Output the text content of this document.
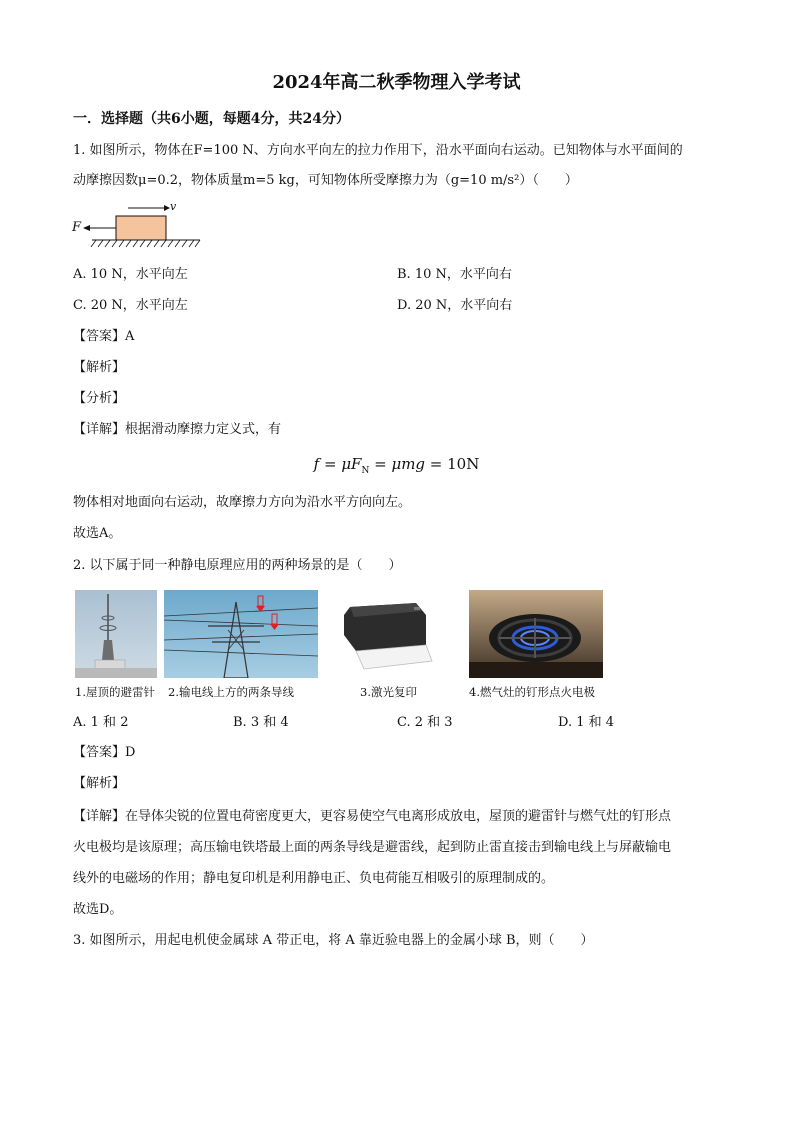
2024年高二秋季物理入学考试
一．选择题（共6小题，每题4分，共24分）
1. 如图所示，物体在F=100 N、方向水平向左的拉力作用下，沿水平面向右运动。已知物体与水平面间的
动摩擦因数μ=0.2，物体质量m=5 kg，可知物体所受摩擦力为（g=10 m/s²）（　　）
v
F
A. 10 N，水平向左	B. 10 N，水平向右
C. 20 N，水平向左	D. 20 N，水平向右
【答案】A
【解析】
【分析】
【详解】根据滑动摩擦力定义式，有
$f = \mu F_N = \mu mg = 10N$
物体相对地面向右运动，故摩擦力方向为沿水平方向向左。
故选A。
2. 以下属于同一种静电原理应用的两种场景的是（　　）
1.屋顶的避雷针 2.输电线上方的两条导线	3.激光复印	4.燃气灶的钉形点火电极
A. 1 和 2	B. 3 和 4	C. 2 和 3	D. 1 和 4
【答案】D
【解析】
【详解】在导体尖锐的位置电荷密度更大，更容易使空气电离形成放电，屋顶的避雷针与燃气灶的钉形点
火电极均是该原理；高压输电铁塔最上面的两条导线是避雷线，起到防止雷直接击到输电线上与屏蔽输电
线外的电磁场的作用；静电复印机是利用静电正、负电荷能互相吸引的原理制成的。
故选D。
3. 如图所示，用起电机使金属球 A 带正电，将 A 靠近验电器上的金属小球 B，则（　　）
